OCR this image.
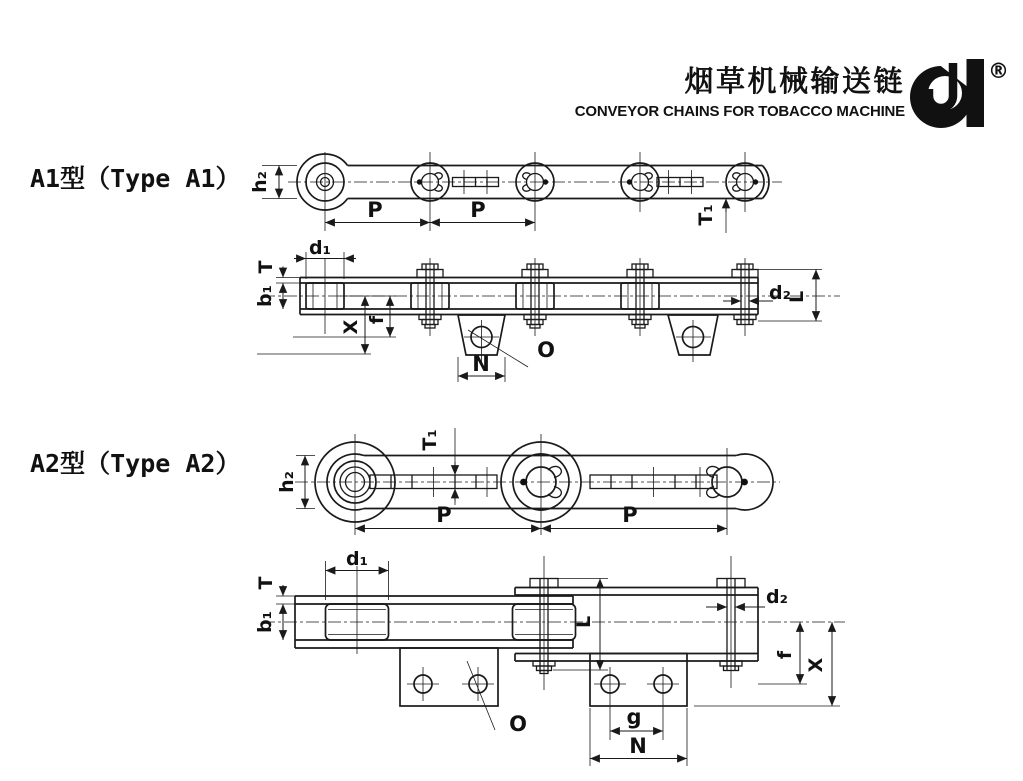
烟草机械输送链
CONVEYOR CHAINS FOR TOBACCO MACHINE
®
A1型（Type A1）
A2型（Type A2）
h₂
P	P	T₁
d₁
T
b₁
f
X
O
N
d₂
L
h₂
T₁
P	P
d₁
T
b₁	L
d₂
f
X
O	g
N
